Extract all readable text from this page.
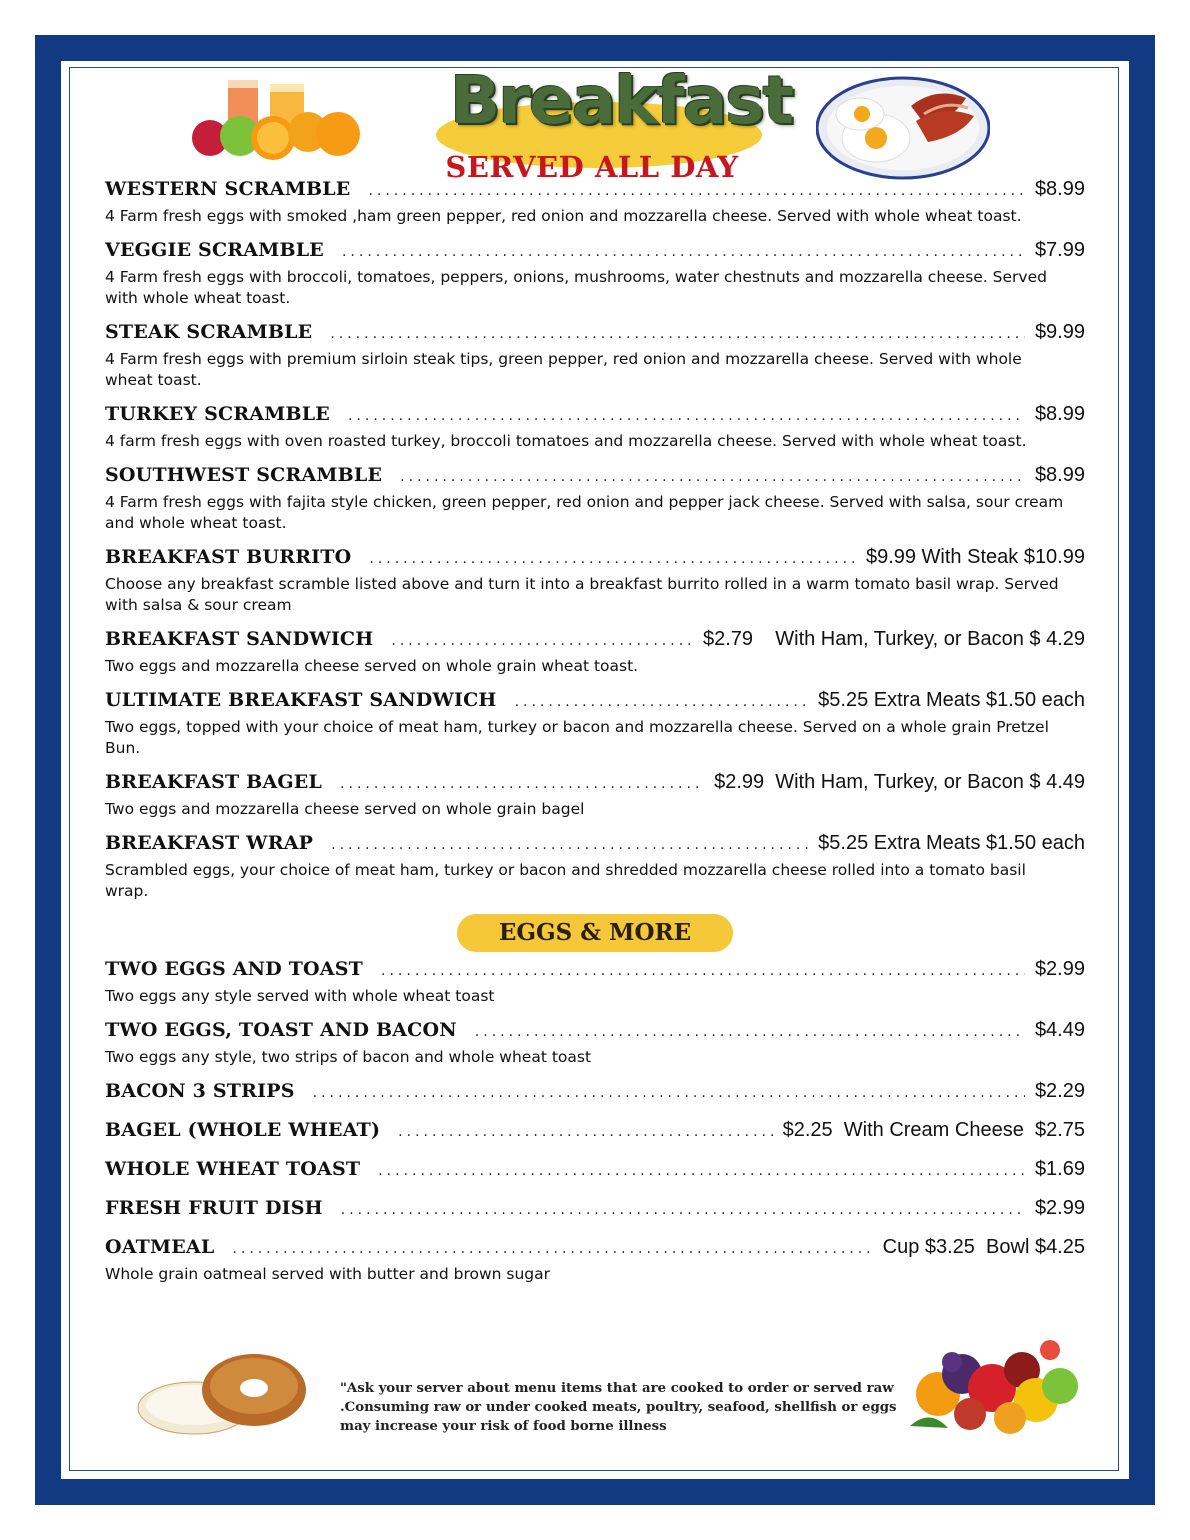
Breakfast
SERVED ALL DAY
WESTERN SCRAMBLE .....	$8.99
4 Farm fresh eggs with smoked ,ham green pepper, red onion and mozzarella cheese. Served with whole wheat toast.
VEGGIE SCRAMBLE .....	$7.99
4 Farm fresh eggs with broccoli, tomatoes, peppers, onions, mushrooms, water chestnuts and mozzarella cheese. Served with whole wheat toast.
STEAK SCRAMBLE .....	$9.99
4 Farm fresh eggs with premium sirloin steak tips, green pepper, red onion and mozzarella cheese. Served with whole wheat toast.
TURKEY SCRAMBLE .....	$8.99
4 farm fresh eggs with oven roasted turkey, broccoli tomatoes and mozzarella cheese. Served with whole wheat toast.
SOUTHWEST SCRAMBLE .....	$8.99
4 Farm fresh eggs with fajita style chicken, green pepper, red onion and pepper jack cheese. Served with salsa, sour cream and whole wheat toast.
BREAKFAST BURRITO .....	$9.99 With Steak $10.99
Choose any breakfast scramble listed above and turn it into a breakfast burrito rolled in a warm tomato basil wrap. Served with salsa & sour cream
BREAKFAST SANDWICH .....	$2.79    With Ham, Turkey, or Bacon $ 4.29
Two eggs and mozzarella cheese served on whole grain wheat toast.
ULTIMATE BREAKFAST SANDWICH .....	$5.25 Extra Meats $1.50 each
Two eggs, topped with your choice of meat ham, turkey or bacon and mozzarella cheese. Served on a whole grain Pretzel Bun.
BREAKFAST BAGEL .....	$2.99  With Ham, Turkey, or Bacon $ 4.49
Two eggs and mozzarella cheese served on whole grain bagel
BREAKFAST WRAP .....	$5.25 Extra Meats $1.50 each
Scrambled eggs, your choice of meat ham, turkey or bacon and shredded mozzarella cheese rolled into a tomato basil wrap.
EGGS & MORE
TWO EGGS AND TOAST .....	$2.99
Two eggs any style served with whole wheat toast
TWO EGGS, TOAST AND BACON .....	$4.49
Two eggs any style, two strips of bacon and whole wheat toast
BACON 3 STRIPS .....	$2.29
BAGEL (WHOLE WHEAT) .....	$2.25  With Cream Cheese  $2.75
WHOLE WHEAT TOAST .....	$1.69
FRESH FRUIT DISH .....	$2.99
OATMEAL .....	Cup $3.25  Bowl $4.25
Whole grain oatmeal served with butter and brown sugar
"Ask your server about menu items that are cooked to order or served raw .Consuming raw or under cooked meats, poultry, seafood, shellfish or eggs may increase your risk of food borne illness
